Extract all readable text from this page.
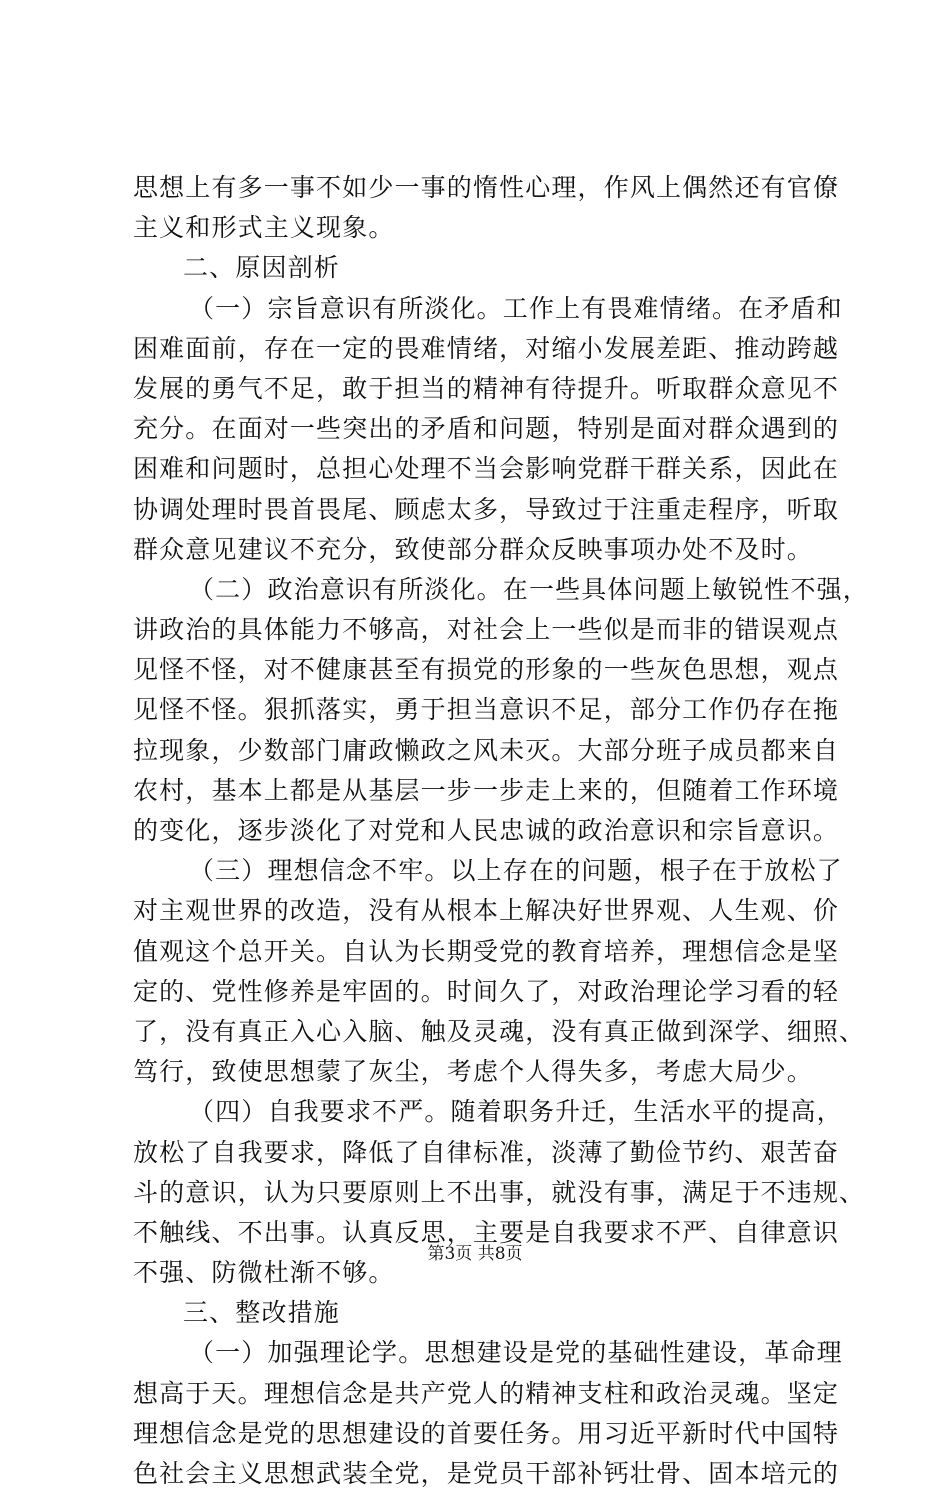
思想上有多一事不如少一事的惰性心理，作风上偶然还有官僚
主义和形式主义现象。
二、原因剖析
（一）宗旨意识有所淡化。工作上有畏难情绪。在矛盾和
困难面前，存在一定的畏难情绪，对缩小发展差距、推动跨越
发展的勇气不足，敢于担当的精神有待提升。听取群众意见不
充分。在面对一些突出的矛盾和问题，特别是面对群众遇到的
困难和问题时，总担心处理不当会影响党群干群关系，因此在
协调处理时畏首畏尾、顾虑太多，导致过于注重走程序，听取
群众意见建议不充分，致使部分群众反映事项办处不及时。
（二）政治意识有所淡化。在一些具体问题上敏锐性不强，
讲政治的具体能力不够高，对社会上一些似是而非的错误观点
见怪不怪，对不健康甚至有损党的形象的一些灰色思想，观点
见怪不怪。狠抓落实，勇于担当意识不足，部分工作仍存在拖
拉现象，少数部门庸政懒政之风未灭。大部分班子成员都来自
农村，基本上都是从基层一步一步走上来的，但随着工作环境
的变化，逐步淡化了对党和人民忠诚的政治意识和宗旨意识。
（三）理想信念不牢。以上存在的问题，根子在于放松了
对主观世界的改造，没有从根本上解决好世界观、人生观、价
值观这个总开关。自认为长期受党的教育培养，理想信念是坚
定的、党性修养是牢固的。时间久了，对政治理论学习看的轻
了，没有真正入心入脑、触及灵魂，没有真正做到深学、细照、
笃行，致使思想蒙了灰尘，考虑个人得失多，考虑大局少。
（四）自我要求不严。随着职务升迁，生活水平的提高，
放松了自我要求，降低了自律标准，淡薄了勤俭节约、艰苦奋
斗的意识，认为只要原则上不出事，就没有事，满足于不违规、
不触线、不出事。认真反思，主要是自我要求不严、自律意识
不强、防微杜渐不够。
三、整改措施
（一）加强理论学。思想建设是党的基础性建设，革命理
想高于天。理想信念是共产党人的精神支柱和政治灵魂。坚定
理想信念是党的思想建设的首要任务。用习近平新时代中国特
色社会主义思想武装全党，是党员干部补钙壮骨、固本培元的
第3页 共8页
